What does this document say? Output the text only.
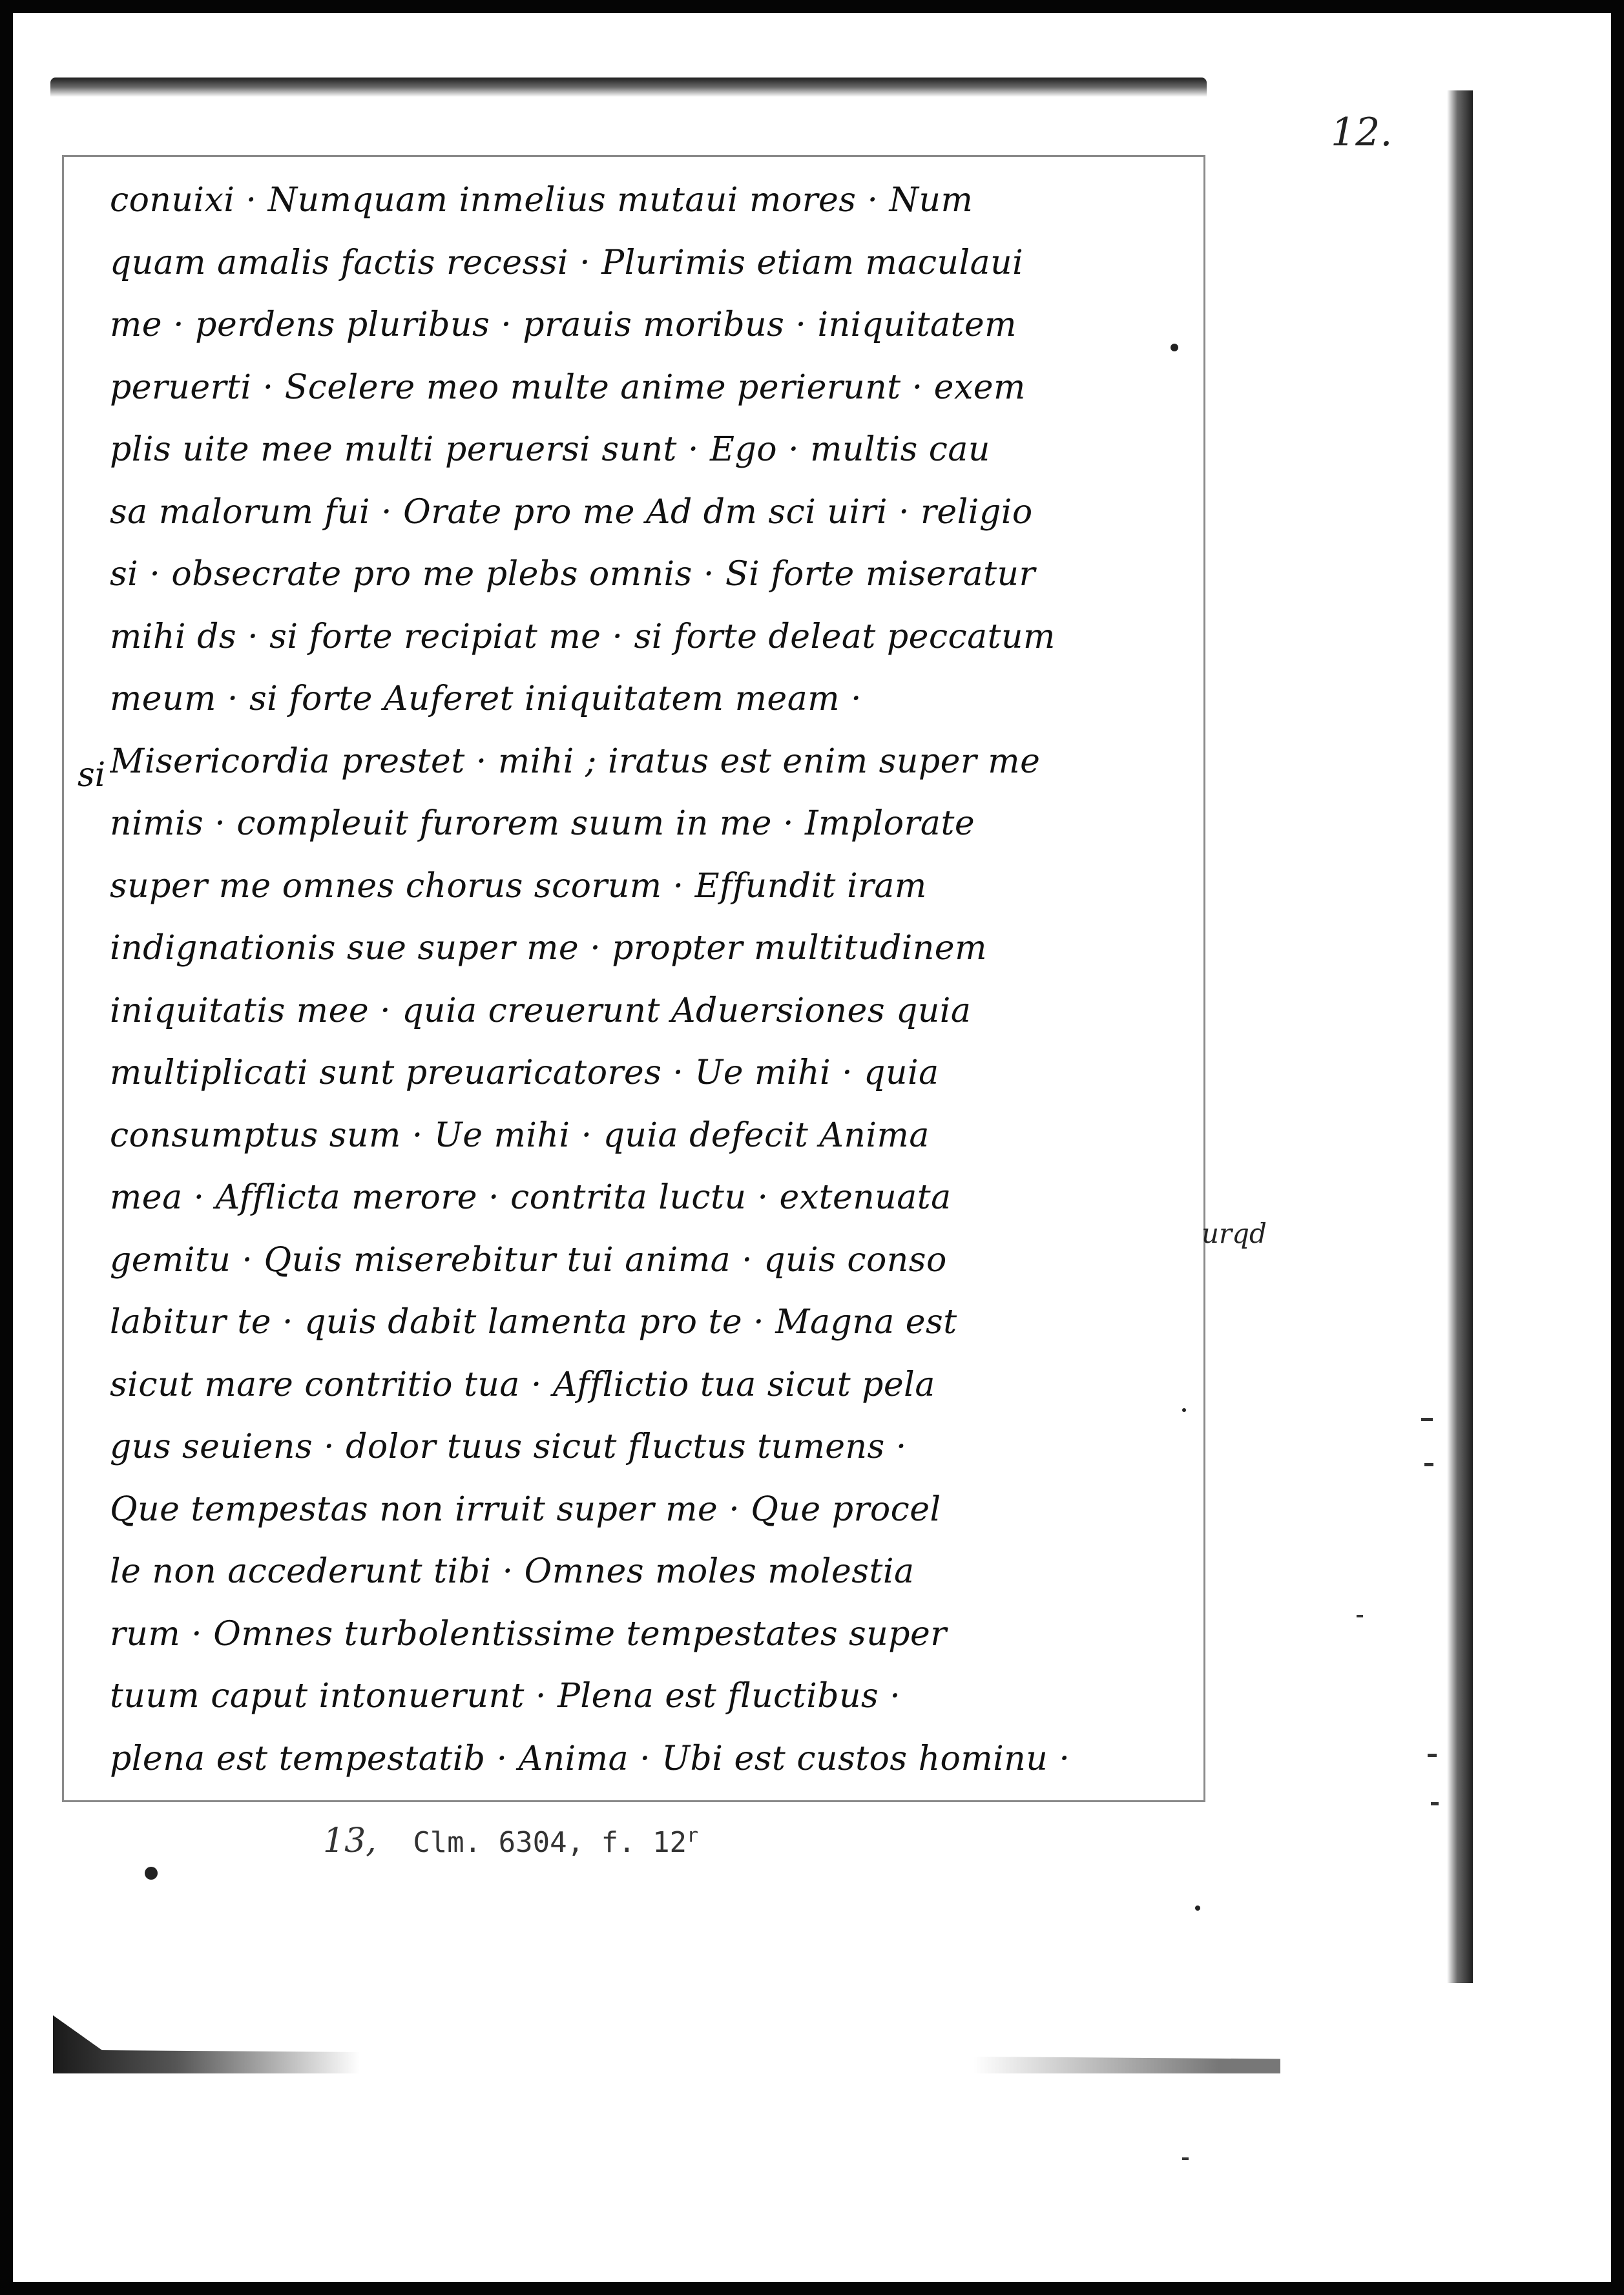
12.
conuixi · Numquam inmelius mutaui mores · Num
quam amalis factis recessi · Plurimis etiam maculaui
me · perdens pluribus · prauis moribus · iniquitatem
peruerti · Scelere meo multe anime perierunt · exem
plis uite mee multi peruersi sunt · Ego · multis cau
sa malorum fui · Orate pro me Ad dm sci uiri · religio
si · obsecrate pro me plebs omnis · Si forte miseratur
mihi ds · si forte recipiat me · si forte deleat peccatum
meum · si forte Auferet iniquitatem meam ·
Misericordia prestet · mihi ; iratus est enim super me
nimis · compleuit furorem suum in me · Implorate
super me omnes chorus scorum · Effundit iram
indignationis sue super me · propter multitudinem
iniquitatis mee · quia creuerunt Aduersiones quia
multiplicati sunt preuaricatores · Ue mihi · quia
consumptus sum · Ue mihi · quia defecit Anima
mea · Afflicta merore · contrita luctu · extenuata
gemitu · Quis miserebitur tui anima · quis conso
labitur te · quis dabit lamenta pro te · Magna est
sicut mare contritio tua · Afflictio tua sicut pela
gus seuiens · dolor tuus sicut fluctus tumens ·
Que tempestas non irruit super me · Que procel
le non accederunt tibi · Omnes moles molestia
rum · Omnes turbolentissime tempestates super
tuum caput intonuerunt · Plena est fluctibus ·
plena est tempestatib · Anima · Ubi est custos hominu ·
si
urqd
13, Clm. 6304, f. 12$^r$
